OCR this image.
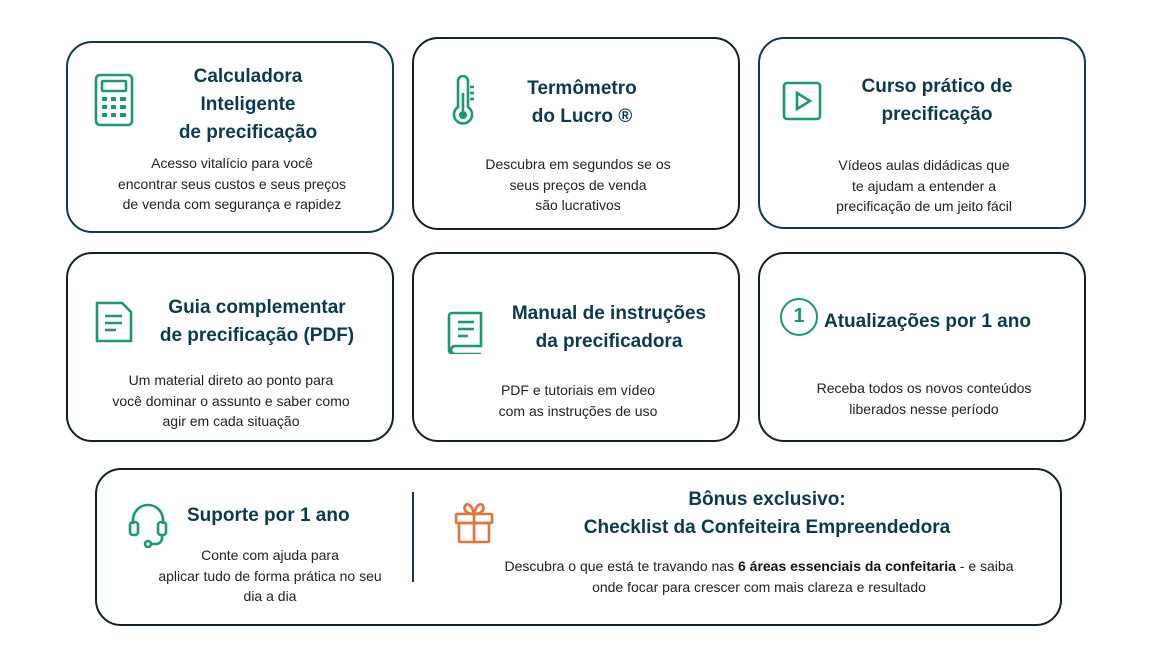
Calculadora
Inteligente
de precificação
Acesso vitalício para você
encontrar seus custos e seus preços
de venda com segurança e rapidez
Termômetro
do Lucro ®
Descubra em segundos se os
seus preços de venda
são lucrativos
Curso prático de
precificação
Vídeos aulas didádicas que
te ajudam a entender a
precificação de um jeito fácil
Guia complementar
de precificação (PDF)
Um material direto ao ponto para
você dominar o assunto e saber como
agir em cada situação
Manual de instruções
da precificadora
PDF e tutoriais em vídeo
com as instruções de uso
1	Atualizações por 1 ano
Receba todos os novos conteúdos
liberados nesse período
Suporte por 1 ano
Conte com ajuda para
aplicar tudo de forma prática no seu
dia a dia
Bônus exclusivo:
Checklist da Confeiteira Empreendedora
Descubra o que está te travando nas 6 áreas essenciais da confeitaria - e saiba
onde focar para crescer com mais clareza e resultado
